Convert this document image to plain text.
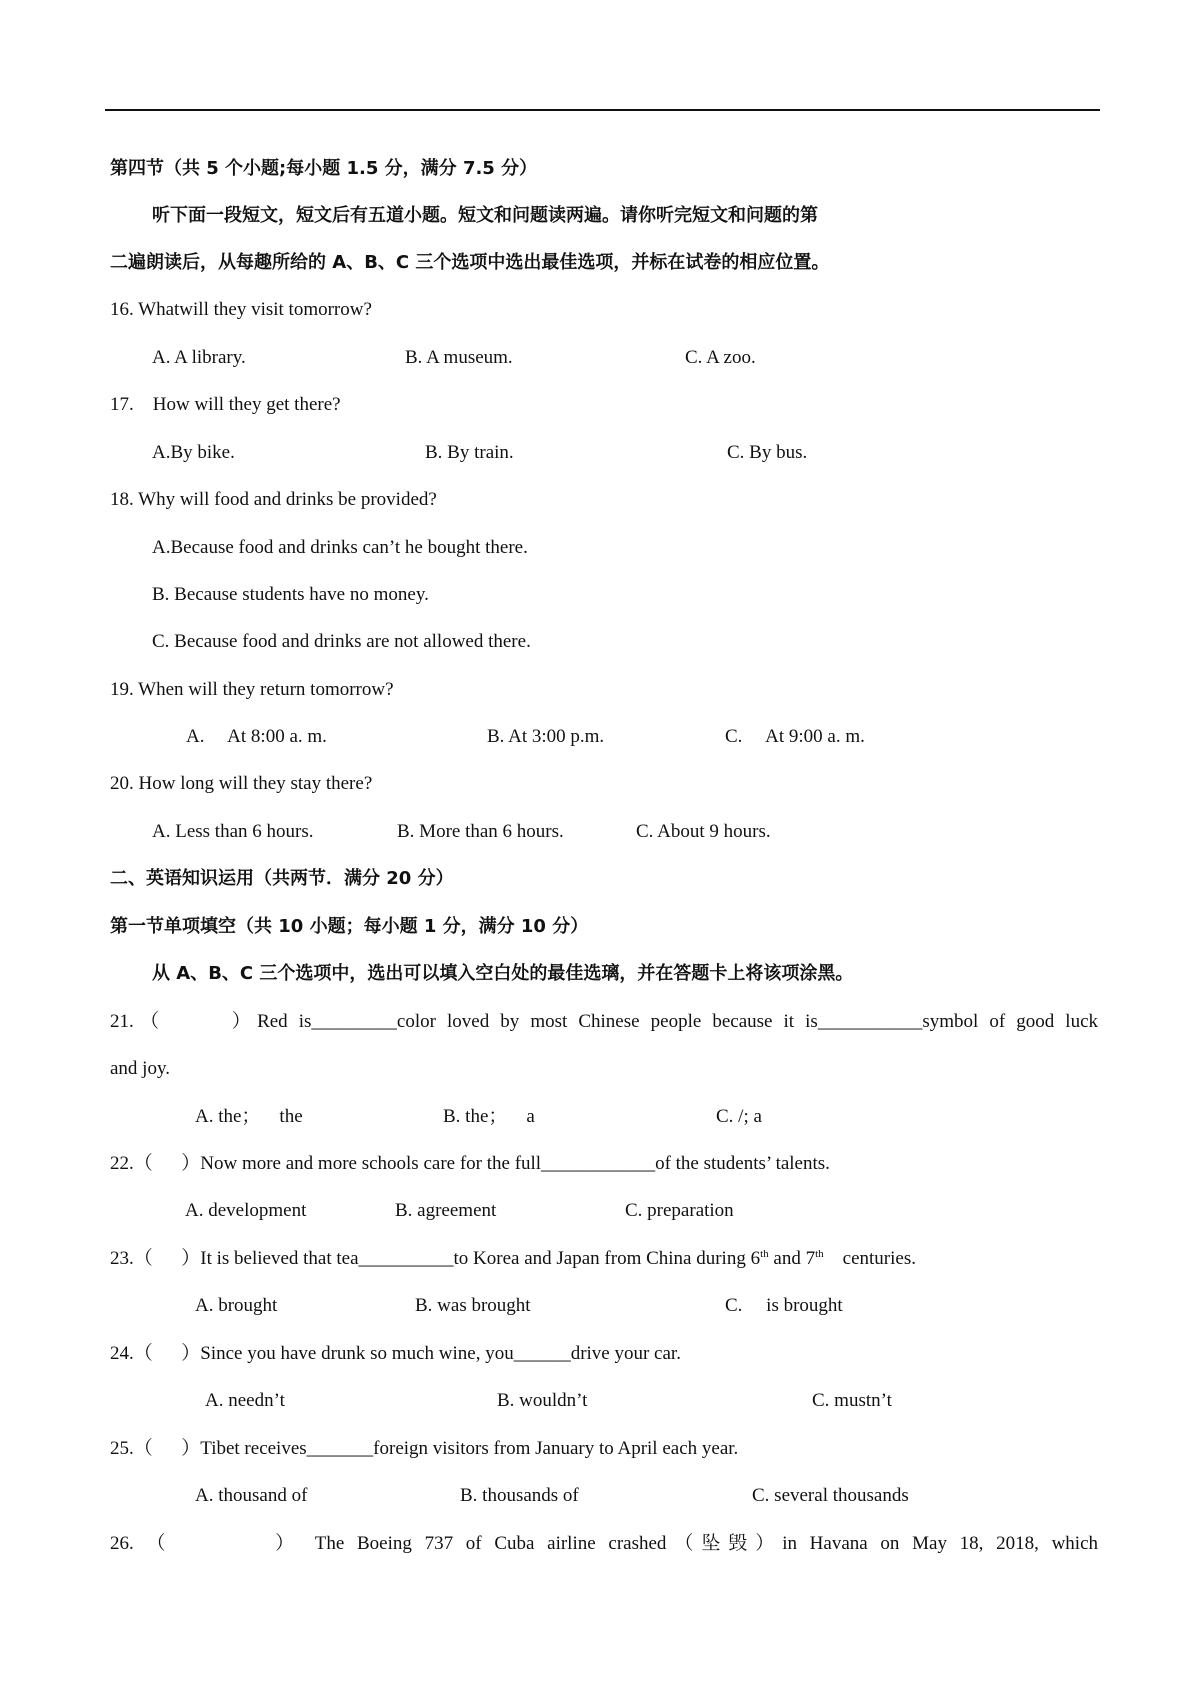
第四节（共 5 个小题;每小题 1.5 分，满分 7.5 分）
听下面一段短文，短文后有五道小题。短文和问题读两遍。请你听完短文和问题的第
二遍朗读后，从每趣所给的 A、B、C 三个选项中选出最佳选项，并标在试卷的相应位置。
16. Whatwill they visit tomorrow?
A. A library.	B. A museum.	C. A zoo.
17.    How will they get there?
A.By bike.	B. By train.	C. By bus.
18. Why will food and drinks be provided?
A.Because food and drinks can’t he bought there.
B. Because students have no money.
C. Because food and drinks are not allowed there.
19. When will they return tomorrow?
A.     At 8:00 a. m.	B. At 3:00 p.m.	C.     At 9:00 a. m.
20. How long will they stay there?
A. Less than 6 hours.	B. More than 6 hours.	C. About 9 hours.
二、英语知识运用（共两节．满分 20 分）
第一节单项填空（共 10 小题；每小题 1 分，满分 10 分）
从 A、B、C 三个选项中，选出可以填入空白处的最佳选璃，并在答题卡上将该项涂黑。
21.（      ）Red is_________color loved by most Chinese people because it is___________symbol of good luck
and joy.
A. the；    the	B. the；    a	C. /; a
22.（      ）Now more and more schools care for the full____________of the students’ talents.
A. development	B. agreement	C. preparation
23.（      ）It is believed that tea__________to Korea and Japan from China during 6th and 7th    centuries.
A. brought	B. was brought	C.     is brought
24.（      ）Since you have drunk so much wine, you______drive your car.
A. needn’t	B. wouldn’t	C. mustn’t
25.（      ）Tibet receives_______foreign visitors from January to April each year.
A. thousand of	B. thousands of	C. several thousands
26. （        ） The Boeing 737 of Cuba airline crashed（坠毁）in Havana on May 18, 2018, which
